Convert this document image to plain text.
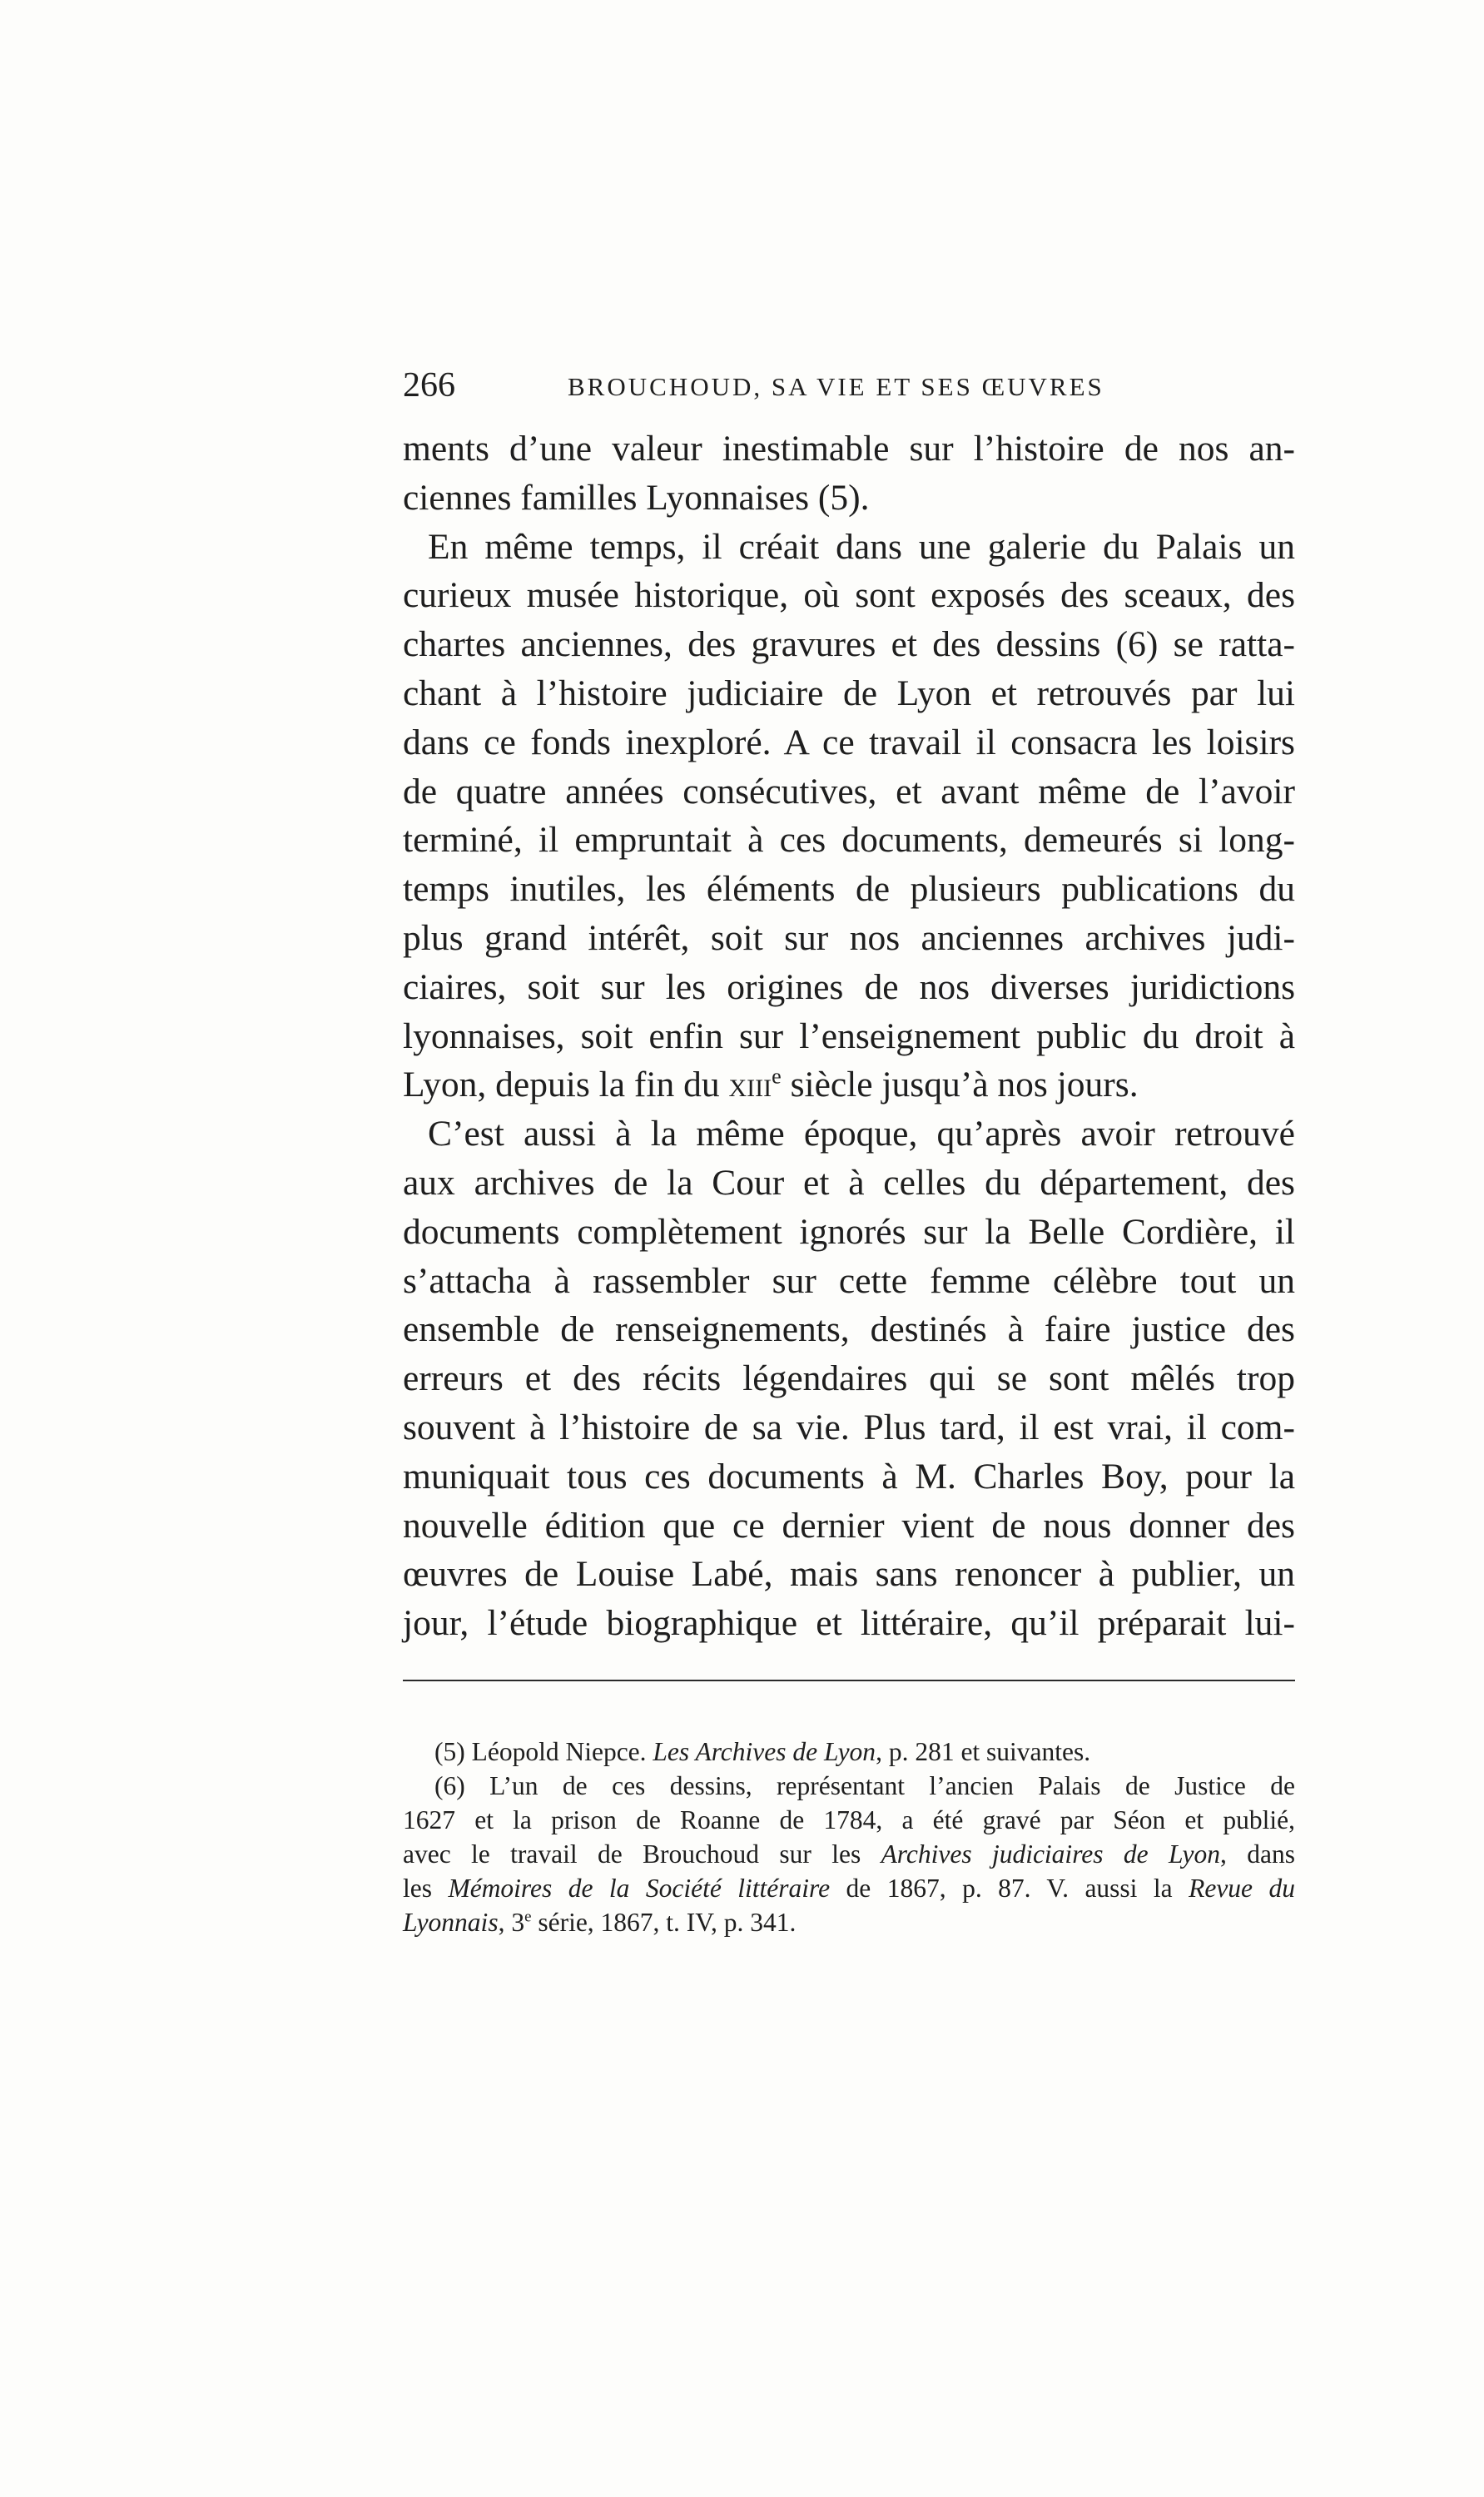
266	BROUCHOUD, SA VIE ET SES ŒUVRES
ments d’une valeur inestimable sur l’histoire de nos an-
ciennes familles Lyonnaises (5).
En même temps, il créait dans une galerie du Palais un
curieux musée historique, où sont exposés des sceaux, des
chartes anciennes, des gravures et des dessins (6) se ratta-
chant à l’histoire judiciaire de Lyon et retrouvés par lui
dans ce fonds inexploré. A ce travail il consacra les loisirs
de quatre années consécutives, et avant même de l’avoir
terminé, il empruntait à ces documents, demeurés si long-
temps inutiles, les éléments de plusieurs publications du
plus grand intérêt, soit sur nos anciennes archives judi-
ciaires, soit sur les origines de nos diverses juridictions
lyonnaises, soit enfin sur l’enseignement public du droit à
Lyon, depuis la fin du xiii$^e$ siècle jusqu’à nos jours.
C’est aussi à la même époque, qu’après avoir retrouvé
aux archives de la Cour et à celles du département, des
documents complètement ignorés sur la Belle Cordière, il
s’attacha à rassembler sur cette femme célèbre tout un
ensemble de renseignements, destinés à faire justice des
erreurs et des récits légendaires qui se sont mêlés trop
souvent à l’histoire de sa vie. Plus tard, il est vrai, il com-
muniquait tous ces documents à M. Charles Boy, pour la
nouvelle édition que ce dernier vient de nous donner des
œuvres de Louise Labé, mais sans renoncer à publier, un
jour, l’étude biographique et littéraire, qu’il préparait lui-
(5) Léopold Niepce. Les Archives de Lyon, p. 281 et suivantes.
(6) L’un de ces dessins, représentant l’ancien Palais de Justice de
1627 et la prison de Roanne de 1784, a été gravé par Séon et publié,
avec le travail de Brouchoud sur les Archives judiciaires de Lyon, dans
les Mémoires de la Société littéraire de 1867, p. 87. V. aussi la Revue du
Lyonnais, 3e série, 1867, t. IV, p. 341.
